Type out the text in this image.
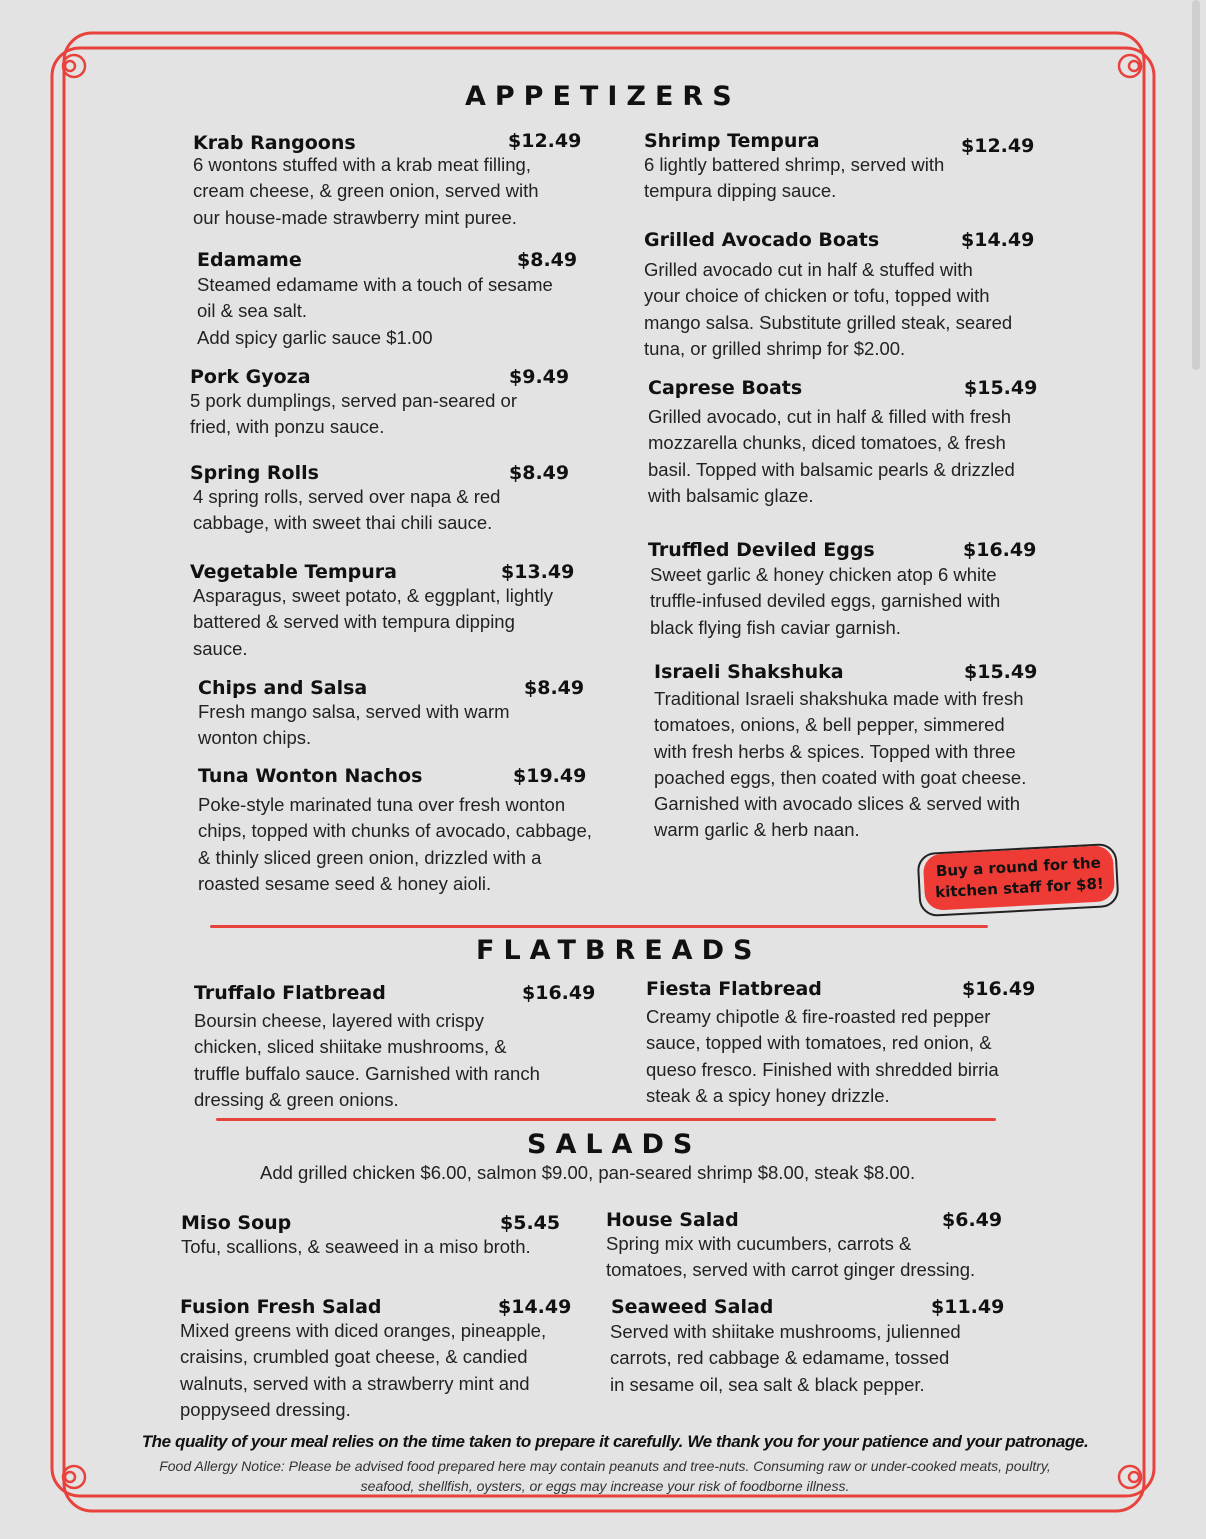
APPETIZERS
Krab Rangoons	$12.49
6 wontons stuffed with a krab meat filling,
cream cheese, & green onion, served with
our house-made strawberry mint puree.
Edamame	$8.49
Steamed edamame with a touch of sesame
oil & sea salt.
Add spicy garlic sauce $1.00
Pork Gyoza	$9.49
5 pork dumplings, served pan-seared or
fried, with ponzu sauce.
Spring Rolls	$8.49
4 spring rolls, served over napa & red
cabbage, with sweet thai chili sauce.
Vegetable Tempura	$13.49
Asparagus, sweet potato, & eggplant, lightly
battered & served with tempura dipping
sauce.
Chips and Salsa	$8.49
Fresh mango salsa, served with warm
wonton chips.
Tuna Wonton Nachos	$19.49
Poke-style marinated tuna over fresh wonton
chips, topped with chunks of avocado, cabbage,
& thinly sliced green onion, drizzled with a
roasted sesame seed & honey aioli.
Shrimp Tempura	$12.49
6 lightly battered shrimp, served with
tempura dipping sauce.
Grilled Avocado Boats	$14.49
Grilled avocado cut in half & stuffed with
your choice of chicken or tofu, topped with
mango salsa. Substitute grilled steak, seared
tuna, or grilled shrimp for $2.00.
Caprese Boats	$15.49
Grilled avocado, cut in half & filled with fresh
mozzarella chunks, diced tomatoes, & fresh
basil. Topped with balsamic pearls & drizzled
with balsamic glaze.
Truffled Deviled Eggs	$16.49
Sweet garlic & honey chicken atop 6 white
truffle-infused deviled eggs, garnished with
black flying fish caviar garnish.
Israeli Shakshuka	$15.49
Traditional Israeli shakshuka made with fresh
tomatoes, onions, & bell pepper, simmered
with fresh herbs & spices. Topped with three
poached eggs, then coated with goat cheese.
Garnished with avocado slices & served with
warm garlic & herb naan.
Buy a round for the
kitchen staff for $8!
FLATBREADS
Truffalo Flatbread	$16.49
Boursin cheese, layered with crispy
chicken, sliced shiitake mushrooms, &
truffle buffalo sauce. Garnished with ranch
dressing & green onions.
Fiesta Flatbread	$16.49
Creamy chipotle & fire-roasted red pepper
sauce, topped with tomatoes, red onion, &
queso fresco. Finished with shredded birria
steak & a spicy honey drizzle.
SALADS
Add grilled chicken $6.00, salmon $9.00, pan-seared shrimp $8.00, steak $8.00.
Miso Soup	$5.45
Tofu, scallions, & seaweed in a miso broth.
Fusion Fresh Salad	$14.49
Mixed greens with diced oranges, pineapple,
craisins, crumbled goat cheese, & candied
walnuts, served with a strawberry mint and
poppyseed dressing.
House Salad	$6.49
Spring mix with cucumbers, carrots &
tomatoes, served with carrot ginger dressing.
Seaweed Salad	$11.49
Served with shiitake mushrooms, julienned
carrots, red cabbage & edamame, tossed
in sesame oil, sea salt & black pepper.
The quality of your meal relies on the time taken to prepare it carefully. We thank you for your patience and your patronage.
Food Allergy Notice: Please be advised food prepared here may contain peanuts and tree-nuts. Consuming raw or under-cooked meats, poultry, seafood, shellfish, oysters, or eggs may increase your risk of foodborne illness.
